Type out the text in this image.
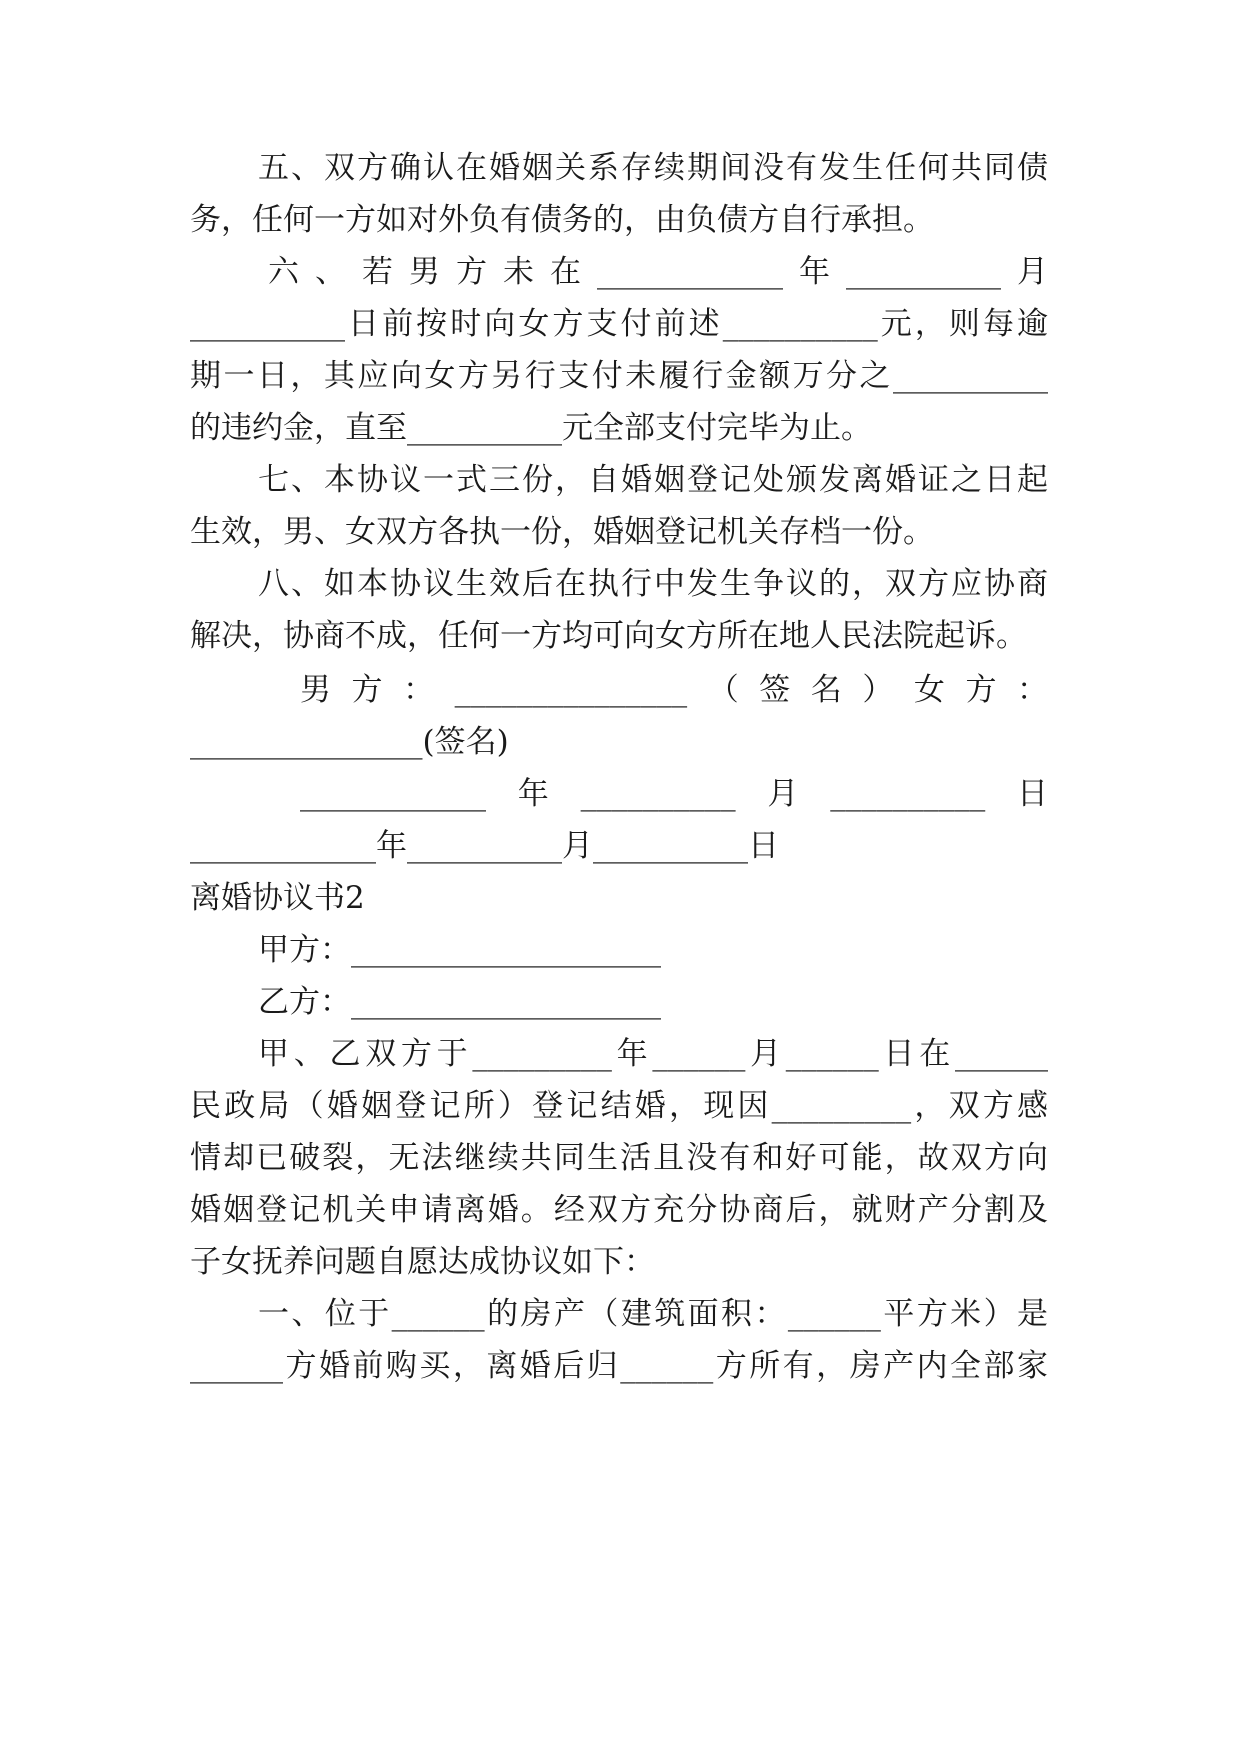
五、双方确认在婚姻关系存续期间没有发生任何共同债
务，任何一方如对外负有债务的，由负债方自行承担。
六、若男方未在____________年__________月
__________日前按时向女方支付前述__________元，则每逾
期一日，其应向女方另行支付未履行金额万分之__________
的违约金，直至__________元全部支付完毕为止。
七、本协议一式三份，自婚姻登记处颁发离婚证之日起
生效，男、女双方各执一份，婚姻登记机关存档一份。
八、如本协议生效后在执行中发生争议的，双方应协商
解决，协商不成，任何一方均可向女方所在地人民法院起诉。
男方：_______________（签名）女方：
_______________(签名)
____________年__________月__________日
____________年__________月__________日
离婚协议书2
甲方：____________________
乙方：____________________
甲、乙双方于_________年______月______日在______
民政局（婚姻登记所）登记结婚，现因_________，双方感
情却已破裂，无法继续共同生活且没有和好可能，故双方向
婚姻登记机关申请离婚。经双方充分协商后，就财产分割及
子女抚养问题自愿达成协议如下：
一、位于______的房产（建筑面积：______平方米）是
______方婚前购买，离婚后归______方所有，房产内全部家
